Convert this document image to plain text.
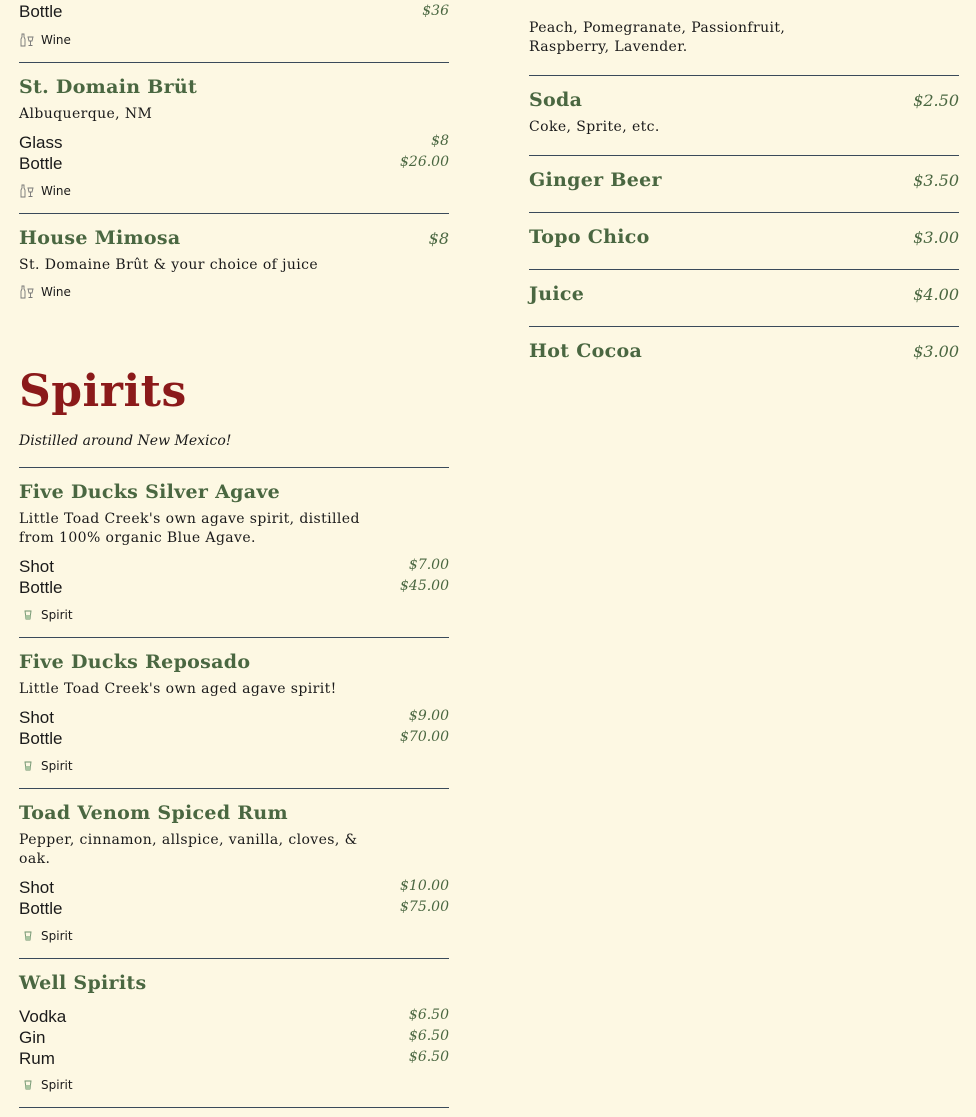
Bottle	$36
Wine
St. Domain Brüt
Albuquerque, NM
Glass	$8
Bottle	$26.00
Wine
House Mimosa	$8
St. Domaine Brût & your choice of juice
Wine
Spirits
Distilled around New Mexico!
Five Ducks Silver Agave
Little Toad Creek's own agave spirit, distilled from 100% organic Blue Agave.
Shot	$7.00
Bottle	$45.00
Spirit
Five Ducks Reposado
Little Toad Creek's own aged agave spirit!
Shot	$9.00
Bottle	$70.00
Spirit
Toad Venom Spiced Rum
Pepper, cinnamon, allspice, vanilla, cloves, & oak.
Shot	$10.00
Bottle	$75.00
Spirit
Well Spirits
Vodka	$6.50
Gin	$6.50
Rum	$6.50
Spirit
Peach, Pomegranate, Passionfruit, Raspberry, Lavender.
Soda	$2.50
Coke, Sprite, etc.
Ginger Beer	$3.50
Topo Chico	$3.00
Juice	$4.00
Hot Cocoa	$3.00
